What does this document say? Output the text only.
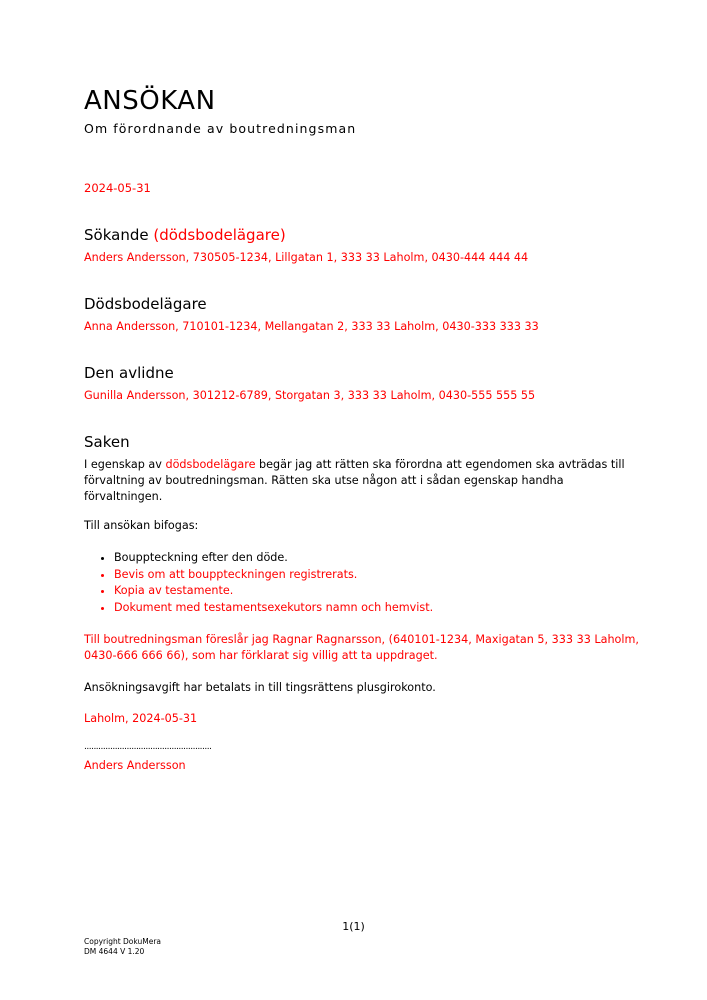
ANSÖKAN
Om förordnande av boutredningsman
2024-05-31
Sökande (dödsbodelägare)
Anders Andersson, 730505-1234, Lillgatan 1, 333 33 Laholm, 0430-444 444 44
Dödsbodelägare
Anna Andersson, 710101-1234, Mellangatan 2, 333 33 Laholm, 0430-333 333 33
Den avlidne
Gunilla Andersson, 301212-6789, Storgatan 3, 333 33 Laholm, 0430-555 555 55
Saken
I egenskap av dödsbodelägare begär jag att rätten ska förordna att egendomen ska avträdas till förvaltning av boutredningsman. Rätten ska utse någon att i sådan egenskap handha förvaltningen.
Till ansökan bifogas:
• Bouppteckning efter den döde.
• Bevis om att bouppteckningen registrerats.
• Kopia av testamente.
• Dokument med testamentsexekutors namn och hemvist.
Till boutredningsman föreslår jag Ragnar Ragnarsson, (640101-1234, Maxigatan 5, 333 33 Laholm, 0430-666 666 66), som har förklarat sig villig att ta uppdraget.
Ansökningsavgift har betalats in till tingsrättens plusgirokonto.
Laholm, 2024-05-31
......................................................
Anders Andersson
1(1)
Copyright DokuMera
DM 4644 V 1.20
